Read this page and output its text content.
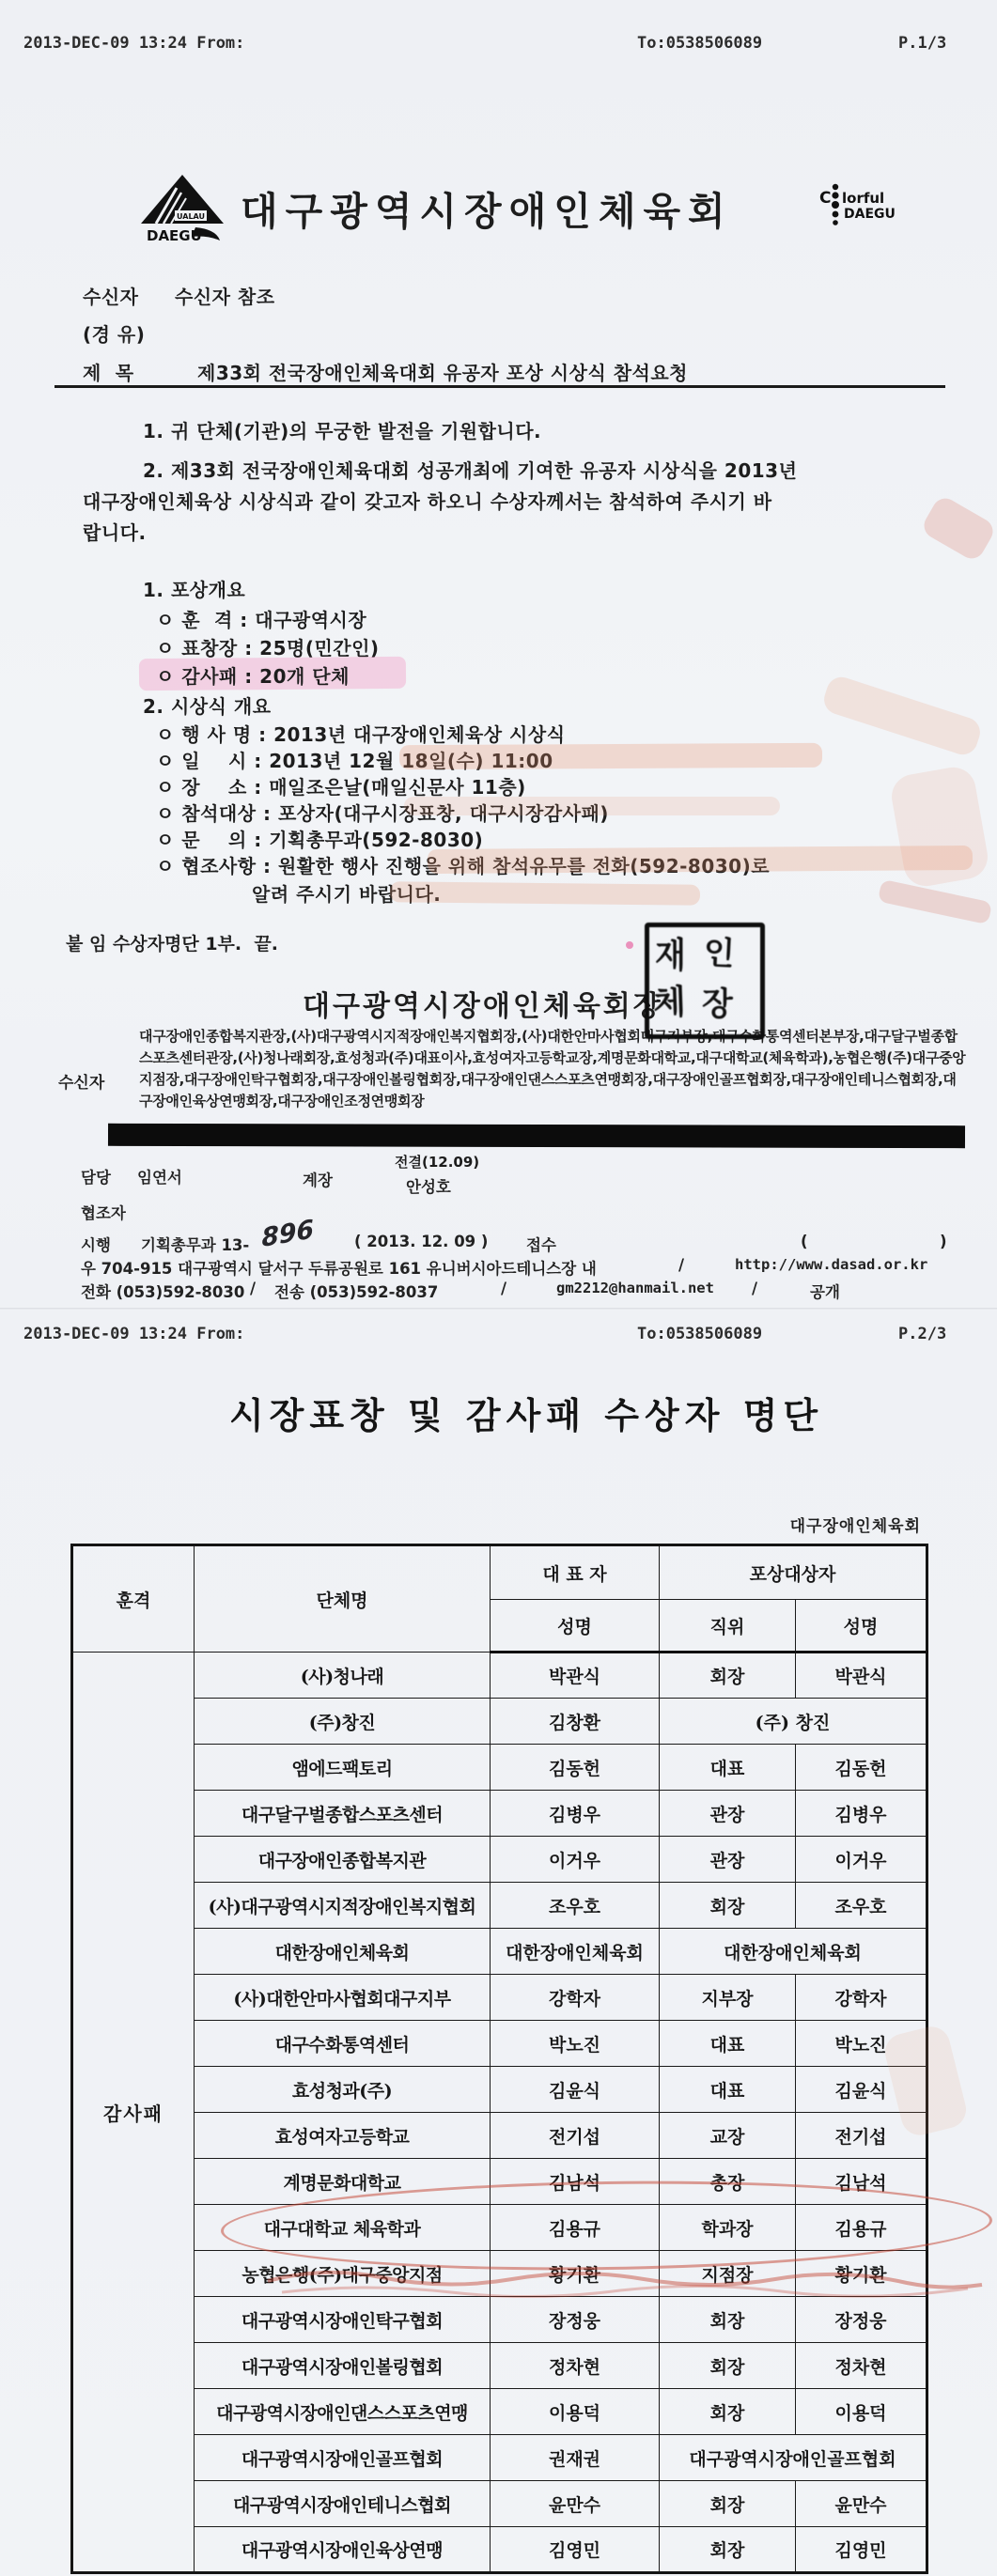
2013-DEC-09 13:24 From:	To:0538506089	P.1/3
UALAU
DAEGU
대구광역시장애인체육회	C lorful
DAEGU
수신자 수신자 참조
(경 유)
제  목	제33회 전국장애인체육대회 유공자 포상 시상식 참석요청
1. 귀 단체(기관)의 무궁한 발전을 기원합니다.
2. 제33회 전국장애인체육대회 성공개최에 기여한 유공자 시상식을 2013년
대구장애인체육상 시상식과 같이 갖고자 하오니 수상자께서는 참석하여 주시기 바
랍니다.
1. 포상개요
ㅇ 훈  격 : 대구광역시장
ㅇ 표창장 : 25명(민간인)
ㅇ 감사패 : 20개 단체
2. 시상식 개요
ㅇ 행 사 명 : 2013년 대구장애인체육상 시상식
ㅇ 일    시 : 2013년 12월 18일(수) 11:00
ㅇ 장    소 : 매일조은날(매일신문사 11층)
ㅇ 참석대상 : 포상자(대구시장표창, 대구시장감사패)
ㅇ 문    의 : 기획총무과(592-8030)
ㅇ 협조사항 : 원활한 행사 진행을 위해 참석유무를 전화(592-8030)로
알려 주시기 바랍니다.
붙 임 수상자명단 1부.  끝.
대구광역시장애인체육회장
재 인
체 장
수신자
대구장애인종합복지관장,(사)대구광역시지적장애인복지협회장,(사)대한안마사협회대구지부장,대구수화통역센터본부장,대구달구벌종합스포츠센터관장,(사)청나래회장,효성청과(주)대표이사,효성여자고등학교장,계명문화대학교,대구대학교(체육학과),농협은행(주)대구중앙지점장,대구장애인탁구협회장,대구장애인볼링협회장,대구장애인댄스스포츠연맹회장,대구장애인골프협회장,대구장애인테니스협회장,대구장애인육상연맹회장,대구장애인조정연맹회장
담당 임연서	계장
전결(12.09)
안성호
협조자
시행 기획총무과 13- 896	( 2013. 12. 09 ) 접수	(	)
우 704-915 대구광역시 달서구 두류공원로 161 유니버시아드테니스장 내	/	http://www.dasad.or.kr
전화 (053)592-8030 / 전송 (053)592-8037	/	gm2212@hanmail.net /	공개
2013-DEC-09 13:24 From:	To:0538506089	P.2/3
시장표창 및 감사패 수상자 명단
대구장애인체육회
훈격	단체명	대 표 자	포상대상자	
		성명	직위	성명
감사패	(사)청나래	박관식	회장	박관식
	(주)창진	김창환	(주) 창진	
	앰에드팩토리	김동헌	대표	김동헌
	대구달구벌종합스포츠센터	김병우	관장	김병우
	대구장애인종합복지관	이거우	관장	이거우
	(사)대구광역시지적장애인복지협회	조우호	회장	조우호
	대한장애인체육회	대한장애인체육회	대한장애인체육회	
	(사)대한안마사협회대구지부	강학자	지부장	강학자
	대구수화통역센터	박노진	대표	박노진
	효성청과(주)	김윤식	대표	김윤식
	효성여자고등학교	전기섭	교장	전기섭
	계명문화대학교	김남석	총장	김남석
	대구대학교 체육학과	김용규	학과장	김용규
	농협은행(주)대구중앙지점	황기환	지점장	황기환
	대구광역시장애인탁구협회	장정웅	회장	장정웅
	대구광역시장애인볼링협회	정차현	회장	정차현
	대구광역시장애인댄스스포츠연맹	이용덕	회장	이용덕
	대구광역시장애인골프협회	권재권	대구광역시장애인골프협회	
	대구광역시장애인테니스협회	윤만수	회장	윤만수
	대구광역시장애인육상연맹	김영민	회장	김영민
